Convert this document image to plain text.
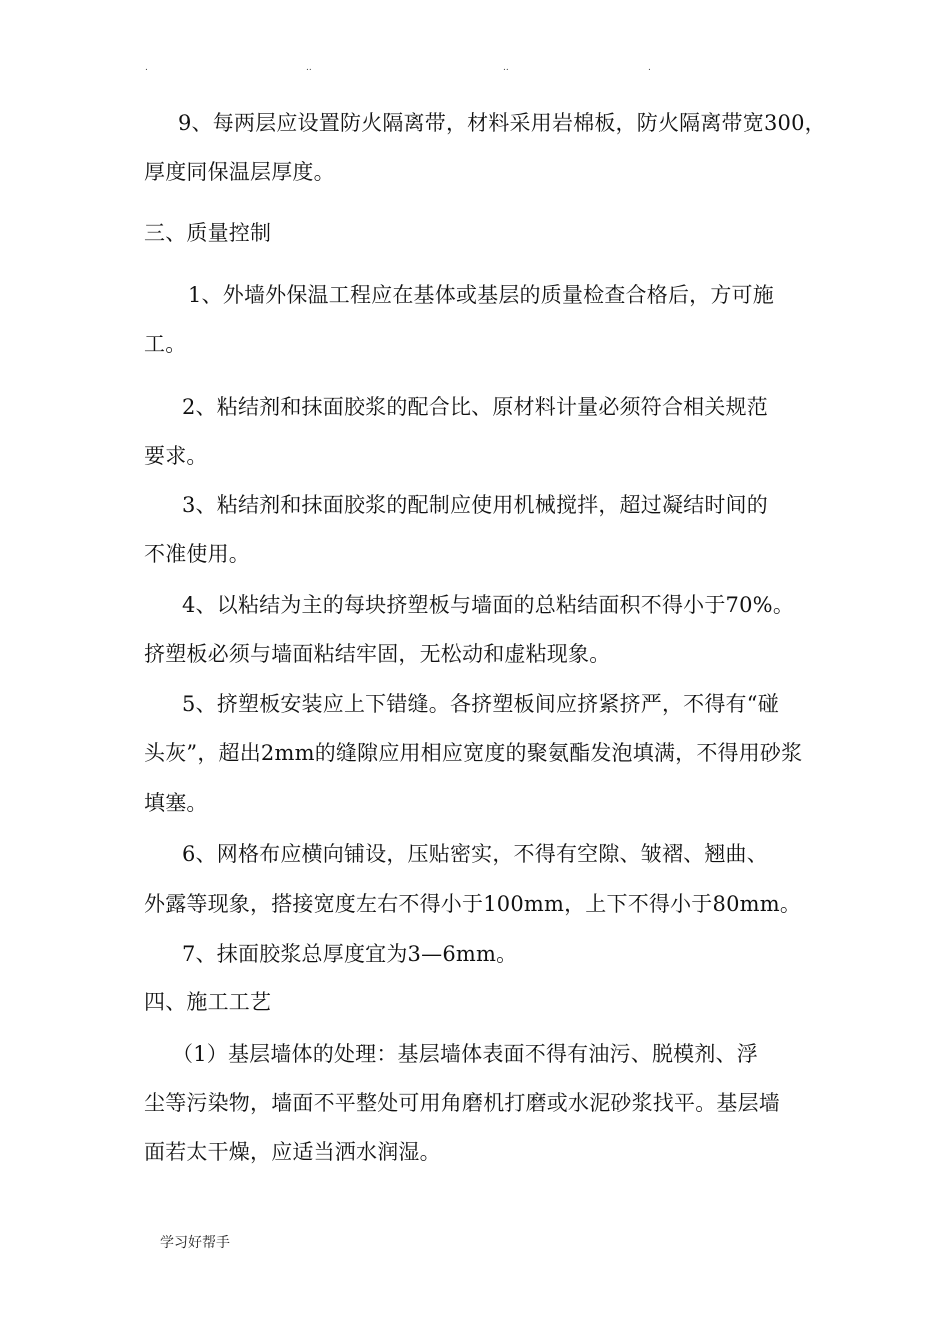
.	..	..	.
9、每两层应设置防火隔离带，材料采用岩棉板，防火隔离带宽300，
厚度同保温层厚度。
三、质量控制
1、外墙外保温工程应在基体或基层的质量检查合格后，方可施
工。
2、粘结剂和抹面胶浆的配合比、原材料计量必须符合相关规范
要求。
3、粘结剂和抹面胶浆的配制应使用机械搅拌，超过凝结时间的
不准使用。
4、以粘结为主的每块挤塑板与墙面的总粘结面积不得小于70%。
挤塑板必须与墙面粘结牢固，无松动和虚粘现象。
5、挤塑板安装应上下错缝。各挤塑板间应挤紧挤严，不得有“碰
头灰”，超出2mm的缝隙应用相应宽度的聚氨酯发泡填满，不得用砂浆
填塞。
6、网格布应横向铺设，压贴密实，不得有空隙、皱褶、翘曲、
外露等现象，搭接宽度左右不得小于100mm，上下不得小于80mm。
7、抹面胶浆总厚度宜为3—6mm。
四、施工工艺
（1）基层墙体的处理：基层墙体表面不得有油污、脱模剂、浮
尘等污染物，墙面不平整处可用角磨机打磨或水泥砂浆找平。基层墙
面若太干燥，应适当洒水润湿。
学习好帮手
